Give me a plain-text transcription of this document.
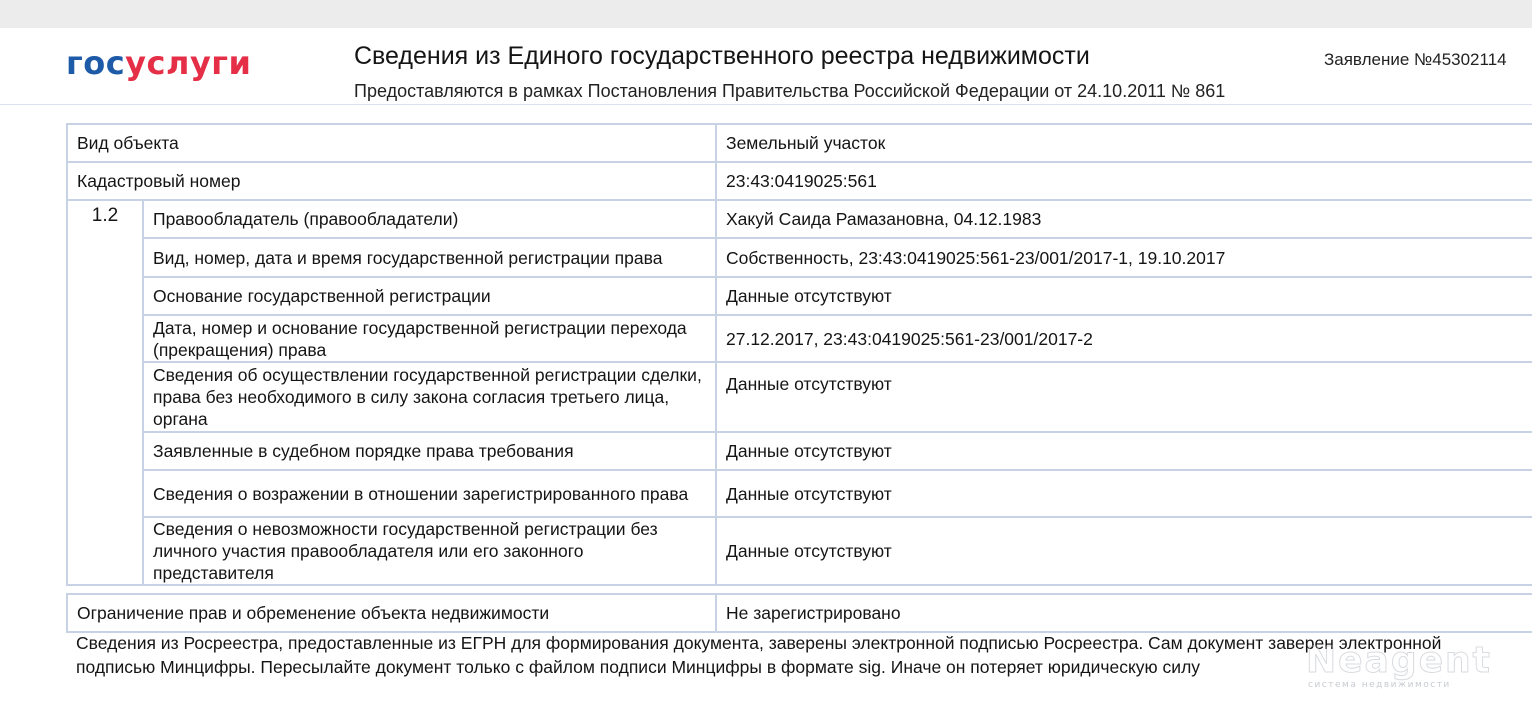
госуслуги	Сведения из Единого государственного реестра недвижимости
Предоставляются в рамках Постановления Правительства Российской Федерации от 24.10.2011 № 861
Заявление №45302114
Вид объекта		Земельный участок
Кадастровый номер		23:43:0419025:561
1.2	Правообладатель (правообладатели)	Хакуй Саида Рамазановна, 04.12.1983
	Вид, номер, дата и время государственной регистрации права	Собственность, 23:43:0419025:561-23/001/2017-1, 19.10.2017
	Основание государственной регистрации	Данные отсутствуют
	Дата, номер и основание государственной регистрации перехода (прекращения) права	27.12.2017, 23:43:0419025:561-23/001/2017-2
	Сведения об осуществлении государственной регистрации сделки, права без необходимого в силу закона согласия третьего лица, органа	Данные отсутствуют
	Заявленные в судебном порядке права требования	Данные отсутствуют
	Сведения о возражении в отношении зарегистрированного права	Данные отсутствуют
	Сведения о невозможности государственной регистрации без личного участия правообладателя или его законного представителя	Данные отсутствуют
Ограничение прав и обременение объекта недвижимости	Не зарегистрировано
Сведения из Росреестра, предоставленные из ЕГРН для формирования документа, заверены электронной подписью Росреестра. Сам документ заверен электронной
подписью Минцифры. Пересылайте документ только с файлом подписи Минцифры в формате sig. Иначе он потеряет юридическую силу	Neagent
система недвижимости
